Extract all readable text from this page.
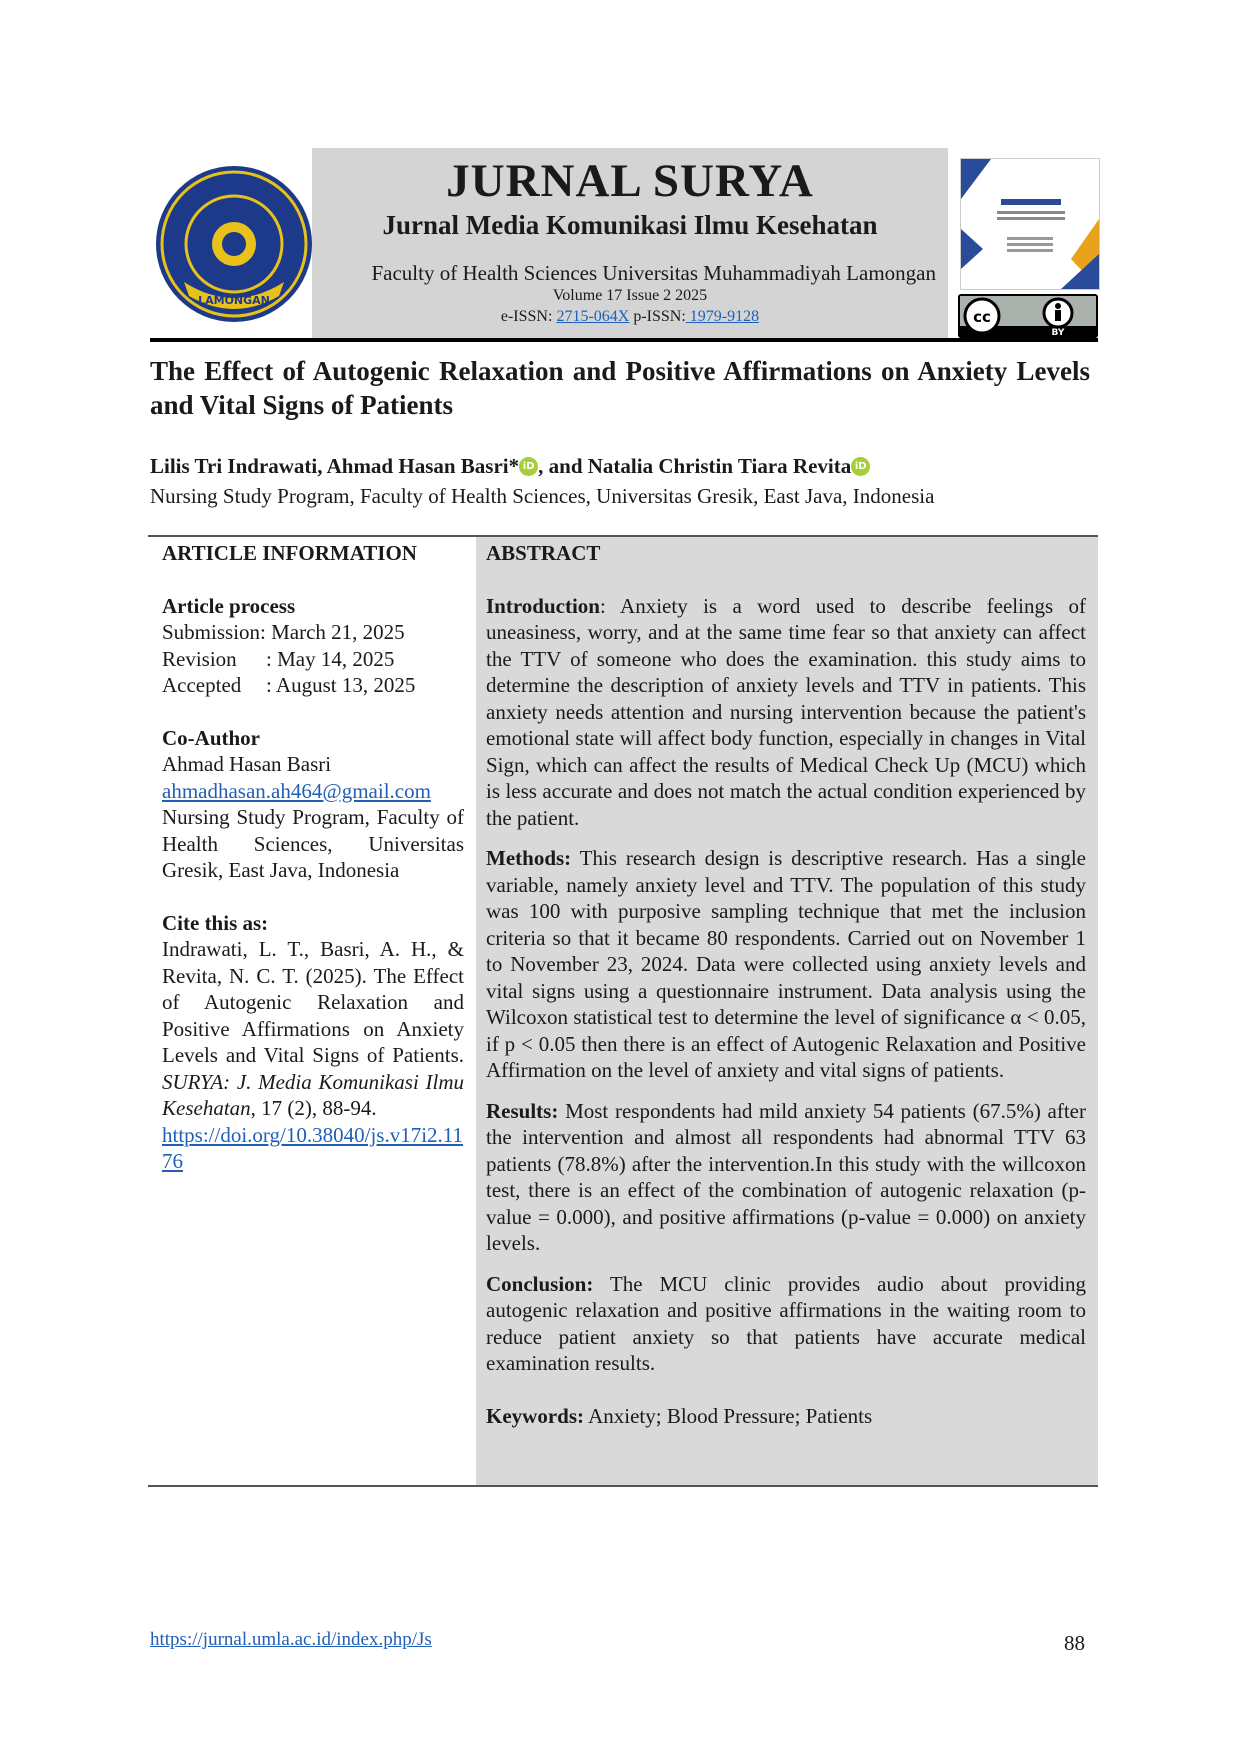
LAMONGAN
JURNAL SURYA
Jurnal Media Komunikasi Ilmu Kesehatan
Faculty of Health Sciences Universitas Muhammadiyah Lamongan
Volume 17 Issue 2 2025
e-ISSN: 2715-064X p-ISSN: 1979-9128	cc
BY
The Effect of Autogenic Relaxation and Positive Affirmations on Anxiety Levels and Vital Signs of Patients
Lilis Tri Indrawati, Ahmad Hasan Basri* iD , and Natalia Christin Tiara Revita iD
Nursing Study Program, Faculty of Health Sciences, Universitas Gresik, East Java, Indonesia
ARTICLE INFORMATION
Article process
Submission: March 21, 2025
Revision	: May 14, 2025
Accepted	: August 13, 2025
Co-Author
Ahmad Hasan Basri
ahmadhasan.ah464@gmail.com
Nursing Study Program, Faculty of Health Sciences, Universitas Gresik, East Java, Indonesia
Cite this as:
Indrawati, L. T., Basri, A. H., & Revita, N. C. T. (2025). The Effect of Autogenic Relaxation and Positive Affirmations on Anxiety Levels and Vital Signs of Patients. SURYA: J. Media Komunikasi Ilmu Kesehatan, 17 (2), 88-94.
https://doi.org/10.38040/js.v17i2.1176
ABSTRACT
Introduction: Anxiety is a word used to describe feelings of uneasiness, worry, and at the same time fear so that anxiety can affect the TTV of someone who does the examination. this study aims to determine the description of anxiety levels and TTV in patients. This anxiety needs attention and nursing intervention because the patient's emotional state will affect body function, especially in changes in Vital Sign, which can affect the results of Medical Check Up (MCU) which is less accurate and does not match the actual condition experienced by the patient.
Methods: This research design is descriptive research. Has a single variable, namely anxiety level and TTV. The population of this study was 100 with purposive sampling technique that met the inclusion criteria so that it became 80 respondents. Carried out on November 1 to November 23, 2024. Data were collected using anxiety levels and vital signs using a questionnaire instrument. Data analysis using the Wilcoxon statistical test to determine the level of significance α < 0.05, if p < 0.05 then there is an effect of Autogenic Relaxation and Positive Affirmation on the level of anxiety and vital signs of patients.
Results: Most respondents had mild anxiety 54 patients (67.5%) after the intervention and almost all respondents had abnormal TTV 63 patients (78.8%) after the intervention.In this study with the willcoxon test, there is an effect of the combination of autogenic relaxation (p-value = 0.000), and positive affirmations (p-value = 0.000) on anxiety levels.
Conclusion: The MCU clinic provides audio about providing autogenic relaxation and positive affirmations in the waiting room to reduce patient anxiety so that patients have accurate medical examination results.
Keywords: Anxiety; Blood Pressure; Patients
https://jurnal.umla.ac.id/index.php/Js	88
